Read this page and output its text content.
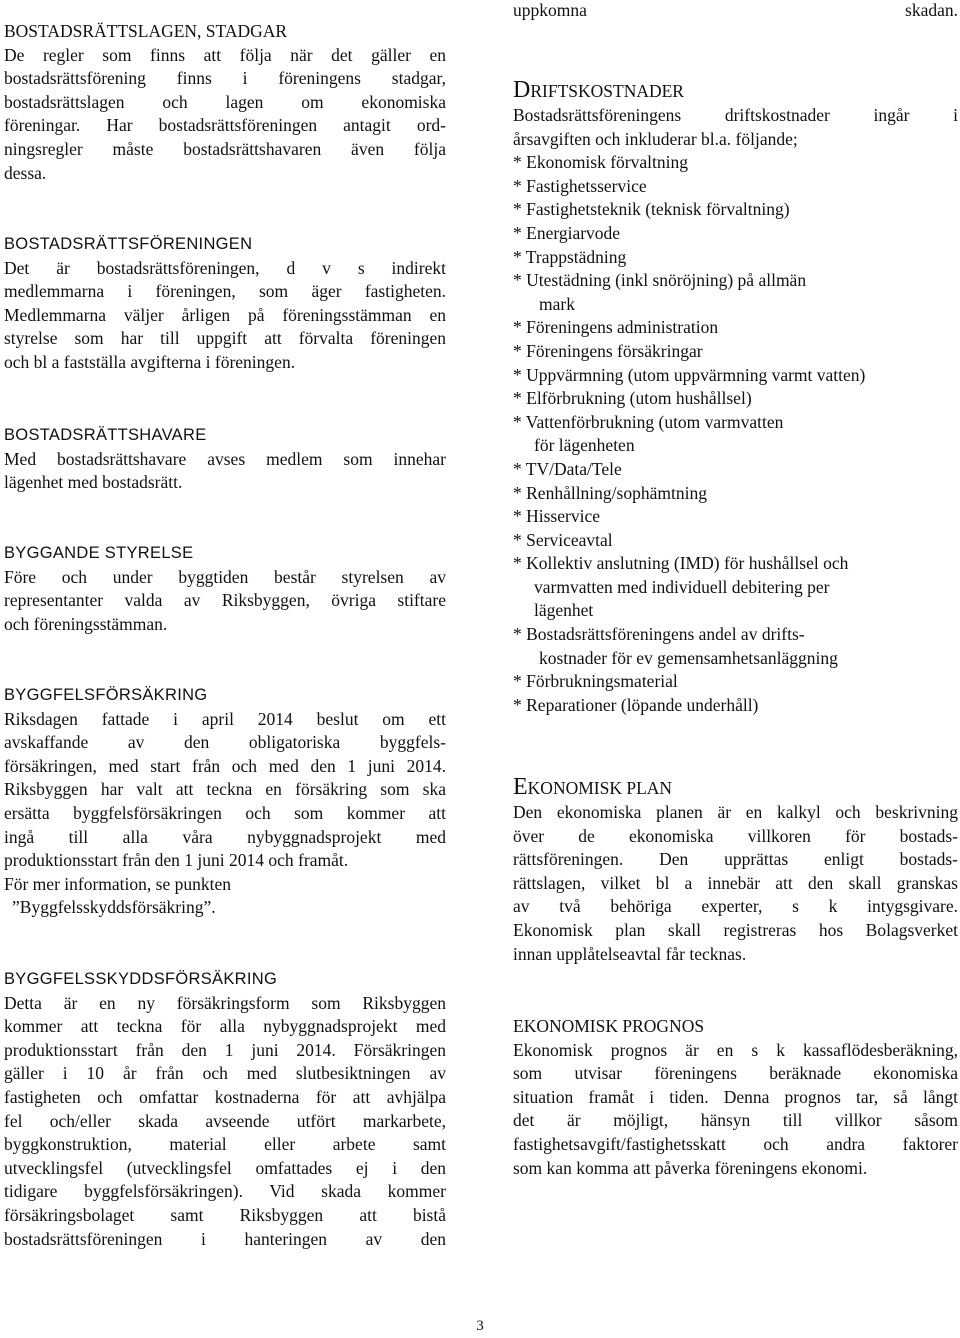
BOSTADSRÄTTSLAGEN, STADGAR
De regler som finns att följa när det gäller en
bostadsrättsförening finns i föreningens stadgar,
bostadsrättslagen och lagen om ekonomiska
föreningar. Har bostadsrättsföreningen antagit ord-
ningsregler måste bostadsrättshavaren även följa
dessa.
BOSTADSRÄTTSFÖRENINGEN
Det är bostadsrättsföreningen, d v s indirekt
medlemmarna i föreningen, som äger fastigheten.
Medlemmarna väljer årligen på föreningsstämman en
styrelse som har till uppgift att förvalta föreningen
och bl a fastställa avgifterna i föreningen.
BOSTADSRÄTTSHAVARE
Med bostadsrättshavare avses medlem som innehar
lägenhet med bostadsrätt.
BYGGANDE STYRELSE
Före och under byggtiden består styrelsen av
representanter valda av Riksbyggen, övriga stiftare
och föreningsstämman.
BYGGFELSFÖRSÄKRING
Riksdagen fattade i april 2014 beslut om ett
avskaffande av den obligatoriska byggfels-
försäkringen, med start från och med den 1 juni 2014.
Riksbyggen har valt att teckna en försäkring som ska
ersätta byggfelsförsäkringen och som kommer att
ingå till alla våra nybyggnadsprojekt med
produktionsstart från den 1 juni 2014 och framåt.
För mer information, se punkten
”Byggfelsskyddsförsäkring”.
BYGGFELSSKYDDSFÖRSÄKRING
Detta är en ny försäkringsform som Riksbyggen
kommer att teckna för alla nybyggnadsprojekt med
produktionsstart från den 1 juni 2014. Försäkringen
gäller i 10 år från och med slutbesiktningen av
fastigheten och omfattar kostnaderna för att avhjälpa
fel och/eller skada avseende utfört markarbete,
byggkonstruktion, material eller arbete samt
utvecklingsfel (utvecklingsfel omfattades ej i den
tidigare byggfelsförsäkringen). Vid skada kommer
försäkringsbolaget samt Riksbyggen att bistå
bostadsrättsföreningen i hanteringen av den
uppkomna	skadan.
DRIFTSKOSTNADER
Bostadsrättsföreningens driftskostnader ingår i
årsavgiften och inkluderar bl.a. följande;
* Ekonomisk förvaltning
* Fastighetsservice
* Fastighetsteknik (teknisk förvaltning)
* Energiarvode
* Trappstädning
* Utestädning (inkl snöröjning) på allmän
mark
* Föreningens administration
* Föreningens försäkringar
* Uppvärmning (utom uppvärmning varmt vatten)
* Elförbrukning (utom hushållsel)
* Vattenförbrukning (utom varmvatten
för lägenheten
* TV/Data/Tele
* Renhållning/sophämtning
* Hisservice
* Serviceavtal
* Kollektiv anslutning (IMD) för hushållsel och
varmvatten med individuell debitering per
lägenhet
* Bostadsrättsföreningens andel av drifts-
kostnader för ev gemensamhetsanläggning
* Förbrukningsmaterial
* Reparationer (löpande underhåll)
EKONOMISK PLAN
Den ekonomiska planen är en kalkyl och beskrivning
över de ekonomiska villkoren för bostads-
rättsföreningen. Den upprättas enligt bostads-
rättslagen, vilket bl a innebär att den skall granskas
av två behöriga experter, s k intygsgivare.
Ekonomisk plan skall registreras hos Bolagsverket
innan upplåtelseavtal får tecknas.
EKONOMISK PROGNOS
Ekonomisk prognos är en s k kassaflödesberäkning,
som utvisar föreningens beräknade ekonomiska
situation framåt i tiden. Denna prognos tar, så långt
det är möjligt, hänsyn till villkor såsom
fastighetsavgift/fastighetsskatt och andra faktorer
som kan komma att påverka föreningens ekonomi.
3
